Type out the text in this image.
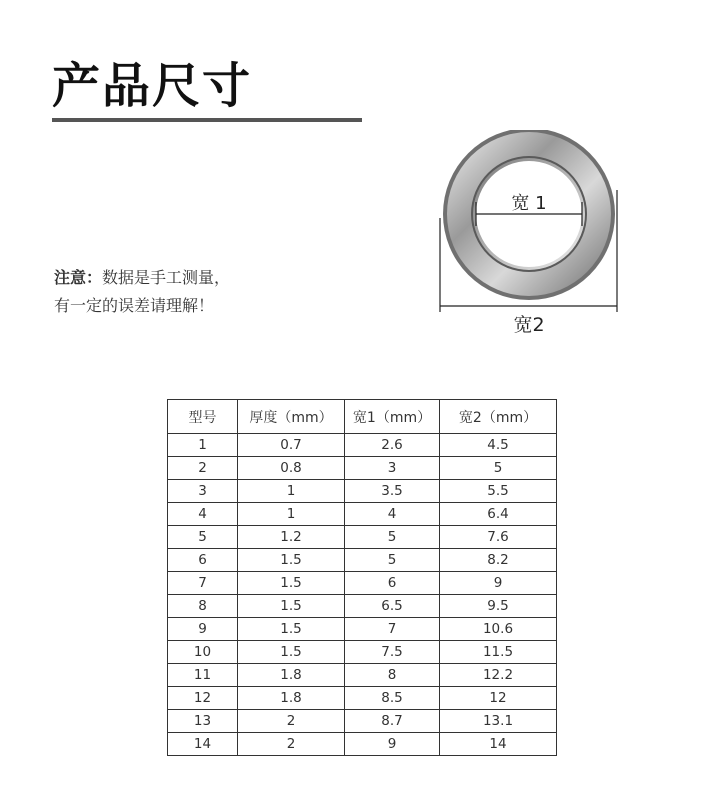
产品尺寸
注意：数据是手工测量，
有一定的误差请理解！
宽 1
宽2
型号	厚度（mm）	宽1（mm）	宽2（mm）
1	0.7	2.6	4.5
2	0.8	3	5
3	1	3.5	5.5
4	1	4	6.4
5	1.2	5	7.6
6	1.5	5	8.2
7	1.5	6	9
8	1.5	6.5	9.5
9	1.5	7	10.6
10	1.5	7.5	11.5
11	1.8	8	12.2
12	1.8	8.5	12
13	2	8.7	13.1
14	2	9	14
